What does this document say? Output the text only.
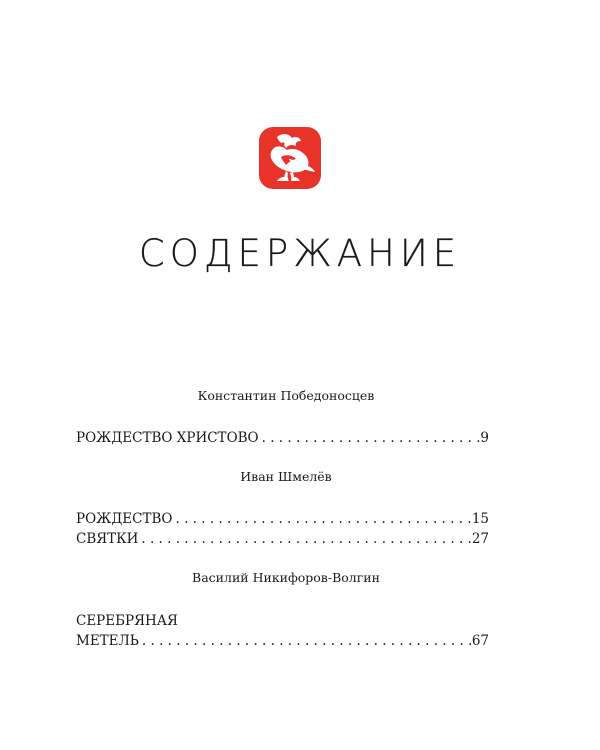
СОДЕРЖАНИЕ
Константин Победоносцев
РОЖДЕСТВО ХРИСТОВО . . .	9
Иван Шмелёв
РОЖДЕСТВО . . .	15
СВЯТКИ . . .	27
Василий Никифоров-Волгин
СЕРЕБРЯНАЯ
МЕТЕЛЬ . . .	67
